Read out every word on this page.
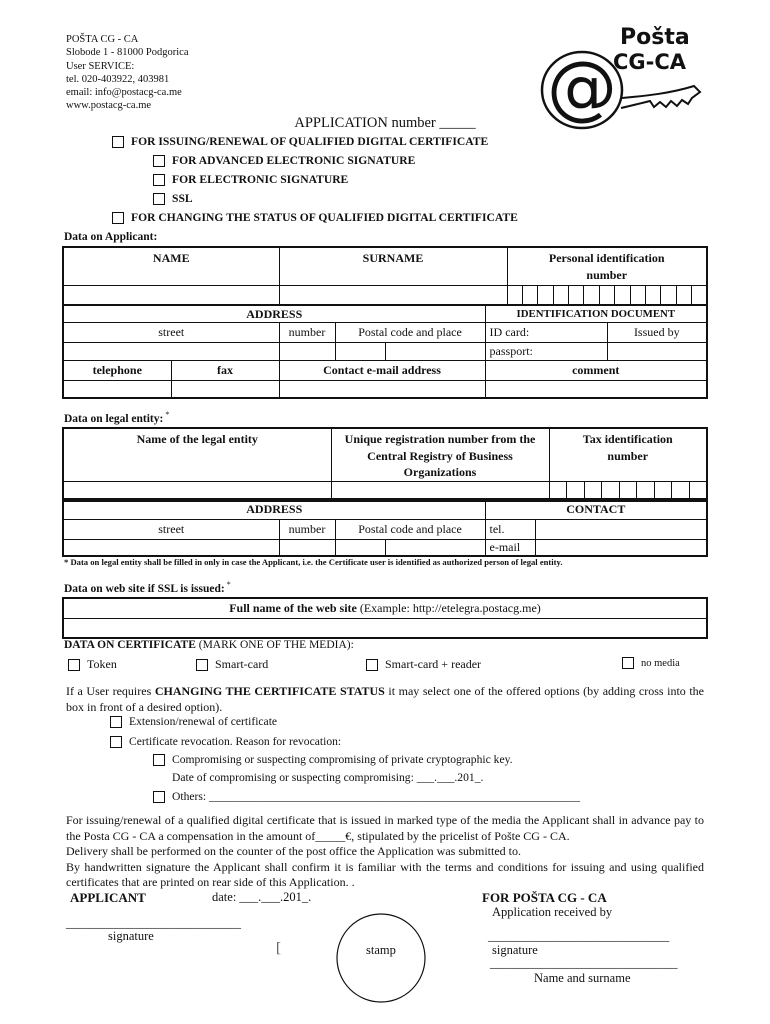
POŠTA CG - CA
Slobode 1 - 81000 Podgorica
User SERVICE:
tel. 020-403922, 403981
email: info@postacg-ca.me
www.postacg-ca.me
Pošta
CG-CA
@
APPLICATION number _____
FOR ISSUING/RENEWAL OF QUALIFIED DIGITAL CERTIFICATE
FOR ADVANCED ELECTRONIC SIGNATURE
FOR ELECTRONIC SIGNATURE
SSL
FOR CHANGING THE STATUS OF QUALIFIED DIGITAL CERTIFICATE
Data on Applicant:
NAME	SURNAME	Personal identification number												

ADDRESS					IDENTIFICATION DOCUMENT	
street		number	Postal code and place		ID card:	Issued by
					passport:	
telephone	fax	Contact e-mail address			comment	

Data on legal entity: *
Name of the legal entity	Unique registration number from the Central Registry of Business Organizations	Tax identification number								

ADDRESS				CONTACT	
street	number	Postal code and place		tel.	
				e-mail	
* Data on legal entity shall be filled in only in case the Applicant, i.e. the Certificate user is identified as authorized person of legal entity.
Data on web site if SSL is issued: *
Full name of the web site (Example: http://etelegra.postacg.me)

DATA ON CERTIFICATE (MARK ONE OF THE MEDIA):
Token	Smart-card	Smart-card + reader	no media
If a User requires CHANGING THE CERTIFICATE STATUS it may select one of the offered options (by adding cross into the box in front of a desired option).
Extension/renewal of certificate
Certificate revocation. Reason for revocation:
Compromising or suspecting compromising of private cryptographic key.
Date of compromising or suspecting compromising: ___.___.201_.
Others: ________________________________________________________________
For issuing/renewal of a qualified digital certificate that is issued in marked type of the media the Applicant shall in advance pay to the Posta CG - CA a compensation in the amount of_____€, stipulated by the pricelist of Pošte CG - CA.
Delivery shall be performed on the counter of the post office the Application was submitted to.
By handwritten signature the Applicant shall confirm it is familiar with the terms and conditions for issuing and using qualified certificates that are printed on rear side of this Application. .
APPLICANT	date: ___.___.201_.	FOR POŠTA CG - CA
Application received by
____________________________
signature	_____________________________
signature
______________________________
Name and surname
[	stamp
